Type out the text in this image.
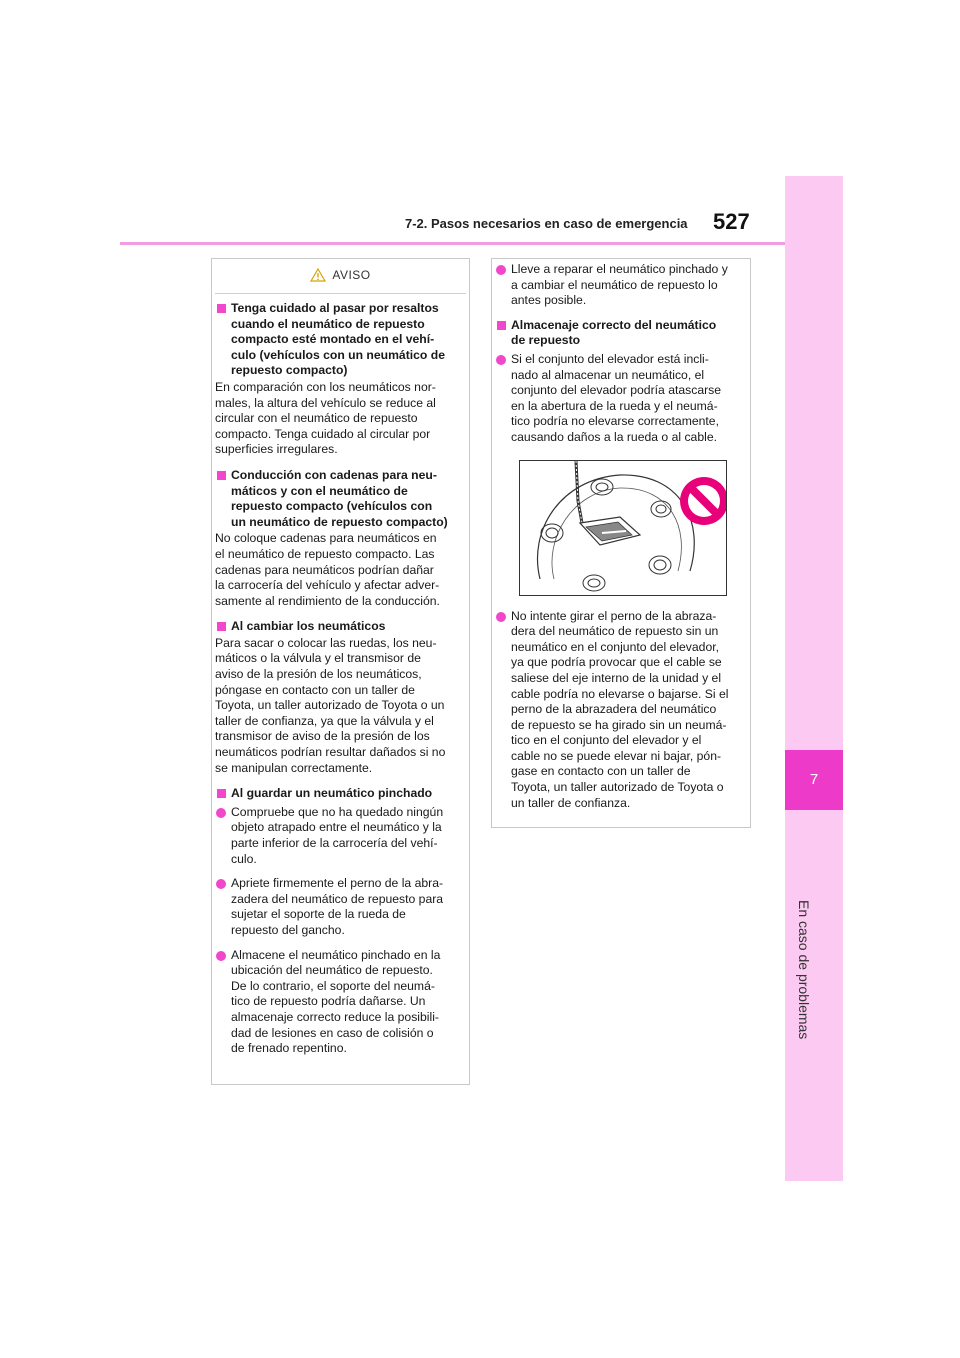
7
En caso de problemas
7-2. Pasos necesarios en caso de emergencia 527
AVISO
Tenga cuidado al pasar por resaltos
cuando el neumático de repuesto
compacto esté montado en el vehí-
culo (vehículos con un neumático de
repuesto compacto)
En comparación con los neumáticos nor-
males, la altura del vehículo se reduce al
circular con el neumático de repuesto
compacto. Tenga cuidado al circular por
superficies irregulares.
Conducción con cadenas para neu-
máticos y con el neumático de
repuesto compacto (vehículos con
un neumático de repuesto compacto)
No coloque cadenas para neumáticos en
el neumático de repuesto compacto. Las
cadenas para neumáticos podrían dañar
la carrocería del vehículo y afectar adver-
samente al rendimiento de la conducción.
Al cambiar los neumáticos
Para sacar o colocar las ruedas, los neu-
máticos o la válvula y el transmisor de
aviso de la presión de los neumáticos,
póngase en contacto con un taller de
Toyota, un taller autorizado de Toyota o un
taller de confianza, ya que la válvula y el
transmisor de aviso de la presión de los
neumáticos podrían resultar dañados si no
se manipulan correctamente.
Al guardar un neumático pinchado
Compruebe que no ha quedado ningún
objeto atrapado entre el neumático y la
parte inferior de la carrocería del vehí-
culo.
Apriete firmemente el perno de la abra-
zadera del neumático de repuesto para
sujetar el soporte de la rueda de
repuesto del gancho.
Almacene el neumático pinchado en la
ubicación del neumático de repuesto.
De lo contrario, el soporte del neumá-
tico de repuesto podría dañarse. Un
almacenaje correcto reduce la posibili-
dad de lesiones en caso de colisión o
de frenado repentino.
Lleve a reparar el neumático pinchado y
a cambiar el neumático de repuesto lo
antes posible.
Almacenaje correcto del neumático
de repuesto
Si el conjunto del elevador está incli-
nado al almacenar un neumático, el
conjunto del elevador podría atascarse
en la abertura de la rueda y el neumá-
tico podría no elevarse correctamente,
causando daños a la rueda o al cable.
No intente girar el perno de la abraza-
dera del neumático de repuesto sin un
neumático en el conjunto del elevador,
ya que podría provocar que el cable se
saliese del eje interno de la unidad y el
cable podría no elevarse o bajarse. Si el
perno de la abrazadera del neumático
de repuesto se ha girado sin un neumá-
tico en el conjunto del elevador y el
cable no se puede elevar ni bajar, pón-
gase en contacto con un taller de
Toyota, un taller autorizado de Toyota o
un taller de confianza.
